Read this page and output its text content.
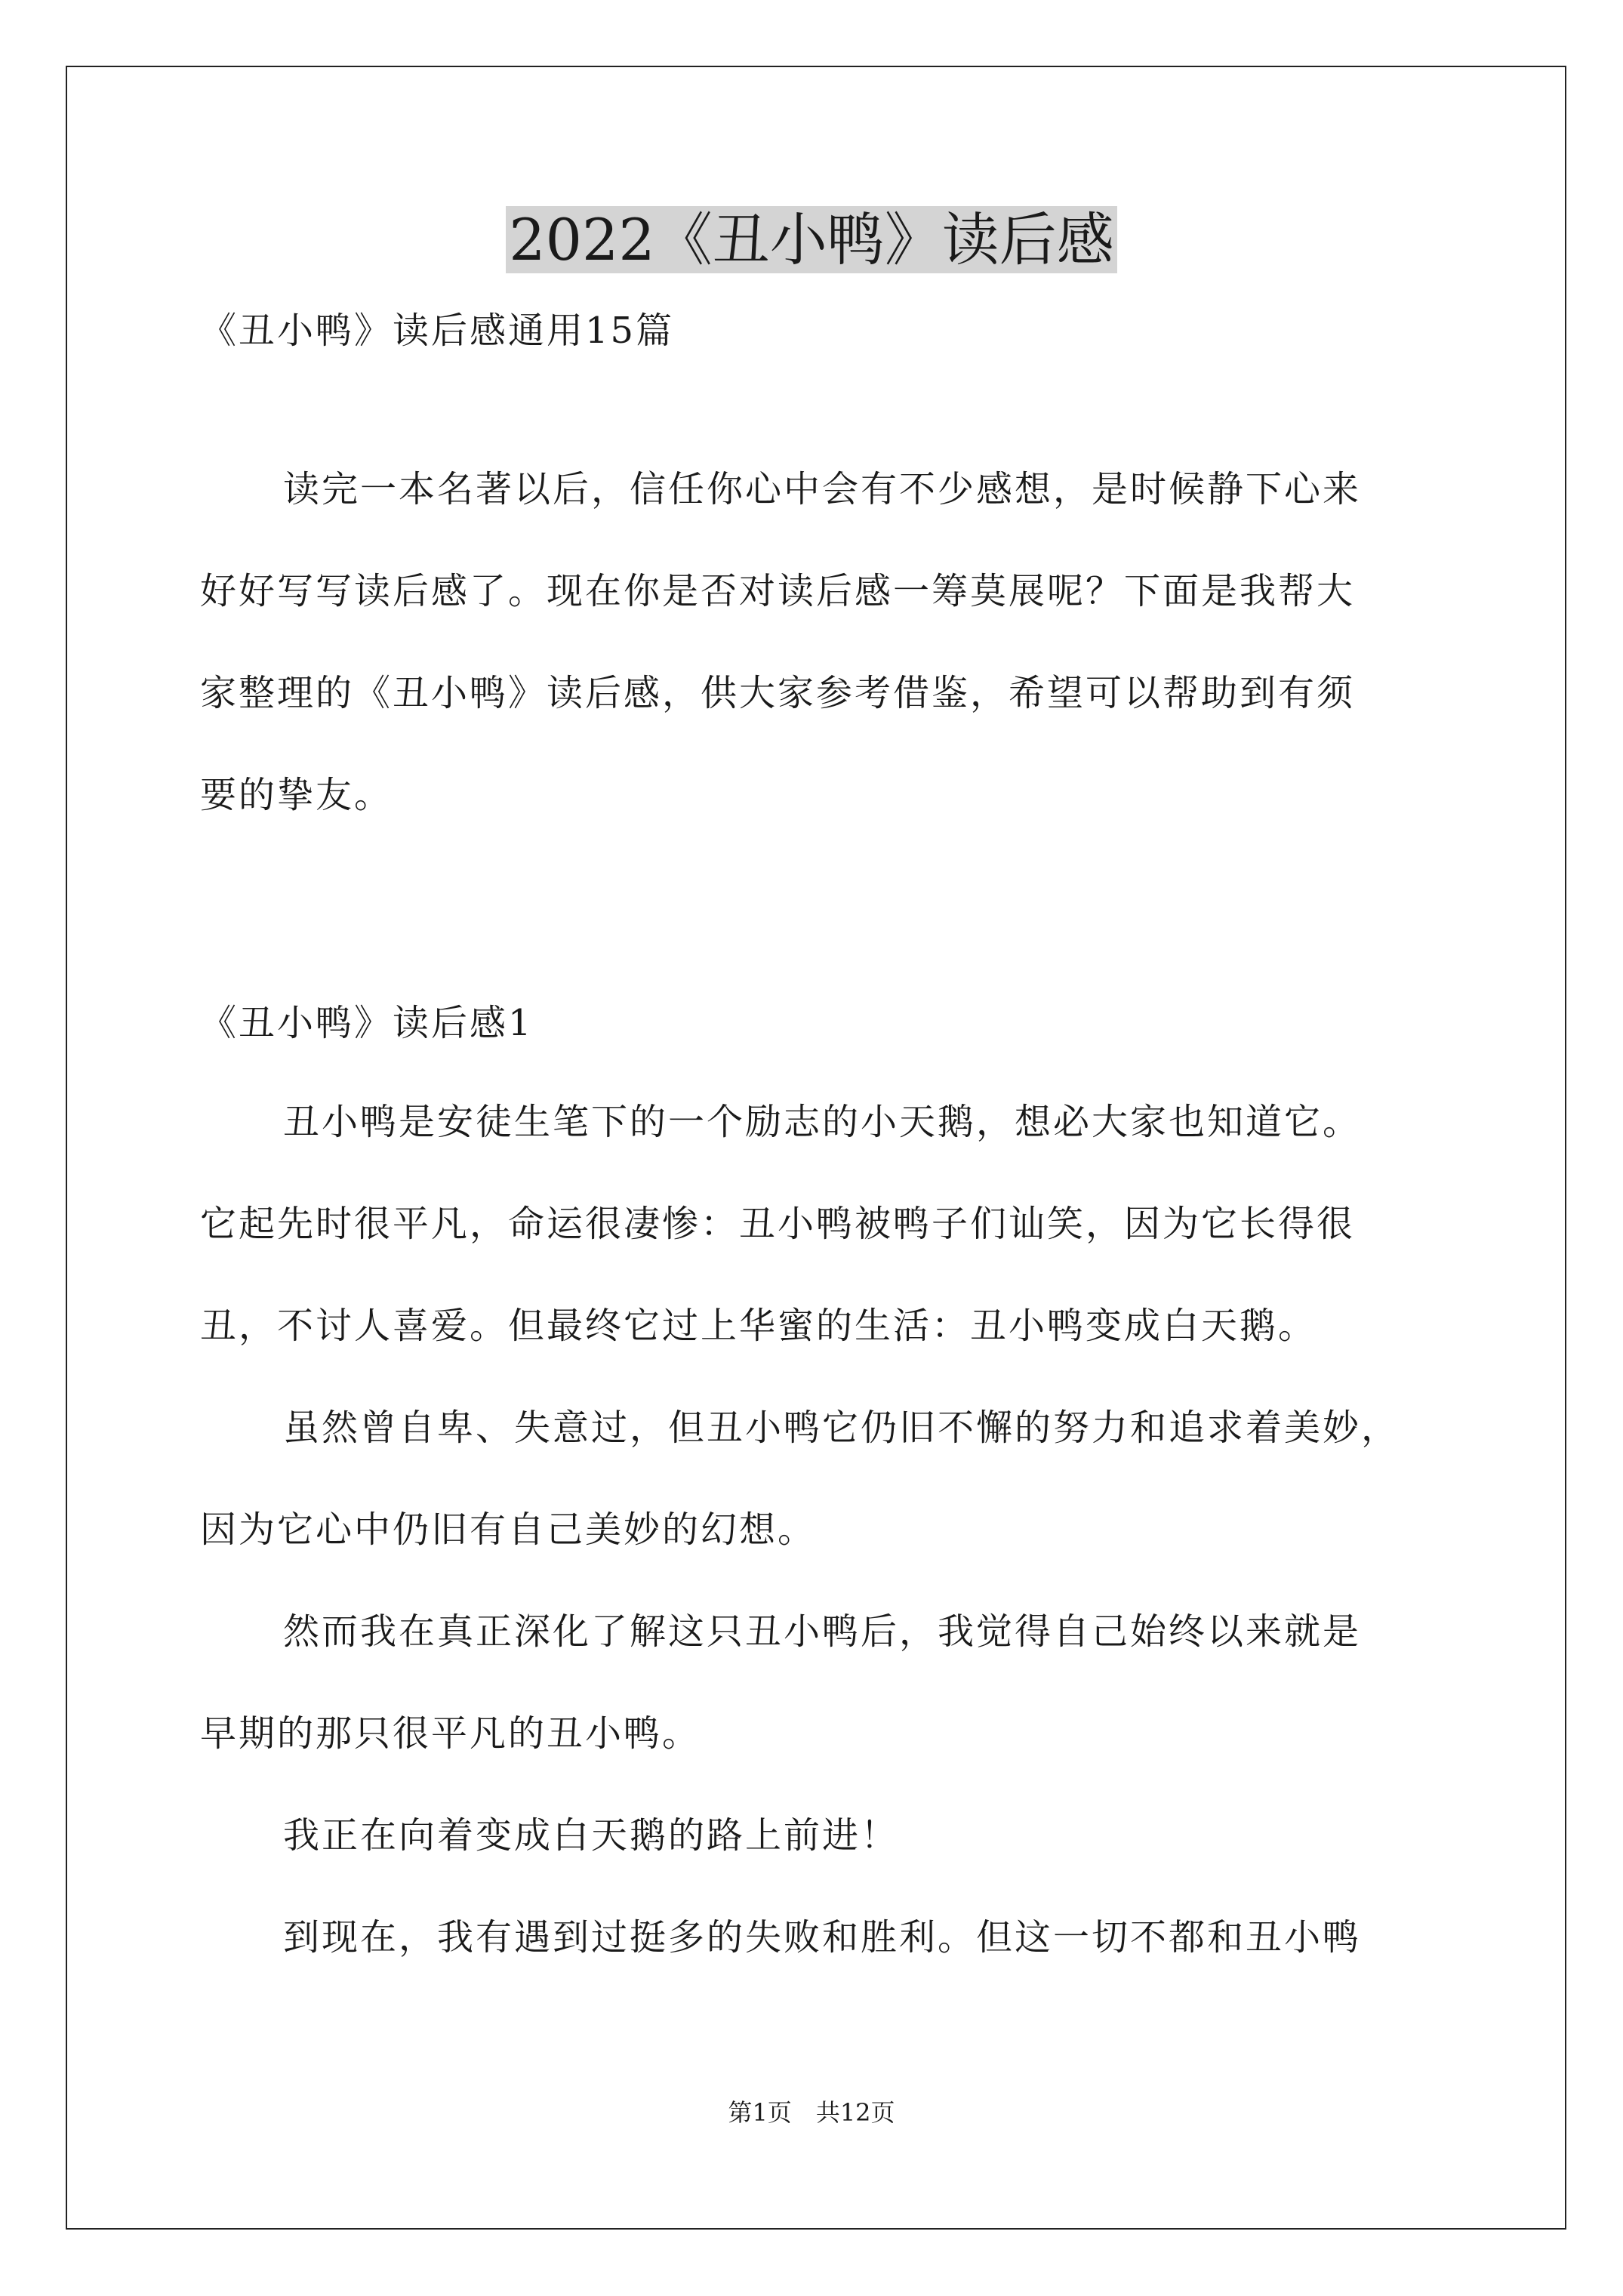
2022《丑小鸭》读后感
《丑小鸭》读后感通用15篇
读完一本名著以后，信任你心中会有不少感想，是时候静下心来
好好写写读后感了。现在你是否对读后感一筹莫展呢？下面是我帮大
家整理的《丑小鸭》读后感，供大家参考借鉴，希望可以帮助到有须
要的挚友。
《丑小鸭》读后感1
丑小鸭是安徒生笔下的一个励志的小天鹅，想必大家也知道它。
它起先时很平凡，命运很凄惨：丑小鸭被鸭子们讪笑，因为它长得很
丑，不讨人喜爱。但最终它过上华蜜的生活：丑小鸭变成白天鹅。
虽然曾自卑、失意过，但丑小鸭它仍旧不懈的努力和追求着美妙，
因为它心中仍旧有自己美妙的幻想。
然而我在真正深化了解这只丑小鸭后，我觉得自己始终以来就是
早期的那只很平凡的丑小鸭。
我正在向着变成白天鹅的路上前进！
到现在，我有遇到过挺多的失败和胜利。但这一切不都和丑小鸭
第1页 共12页
